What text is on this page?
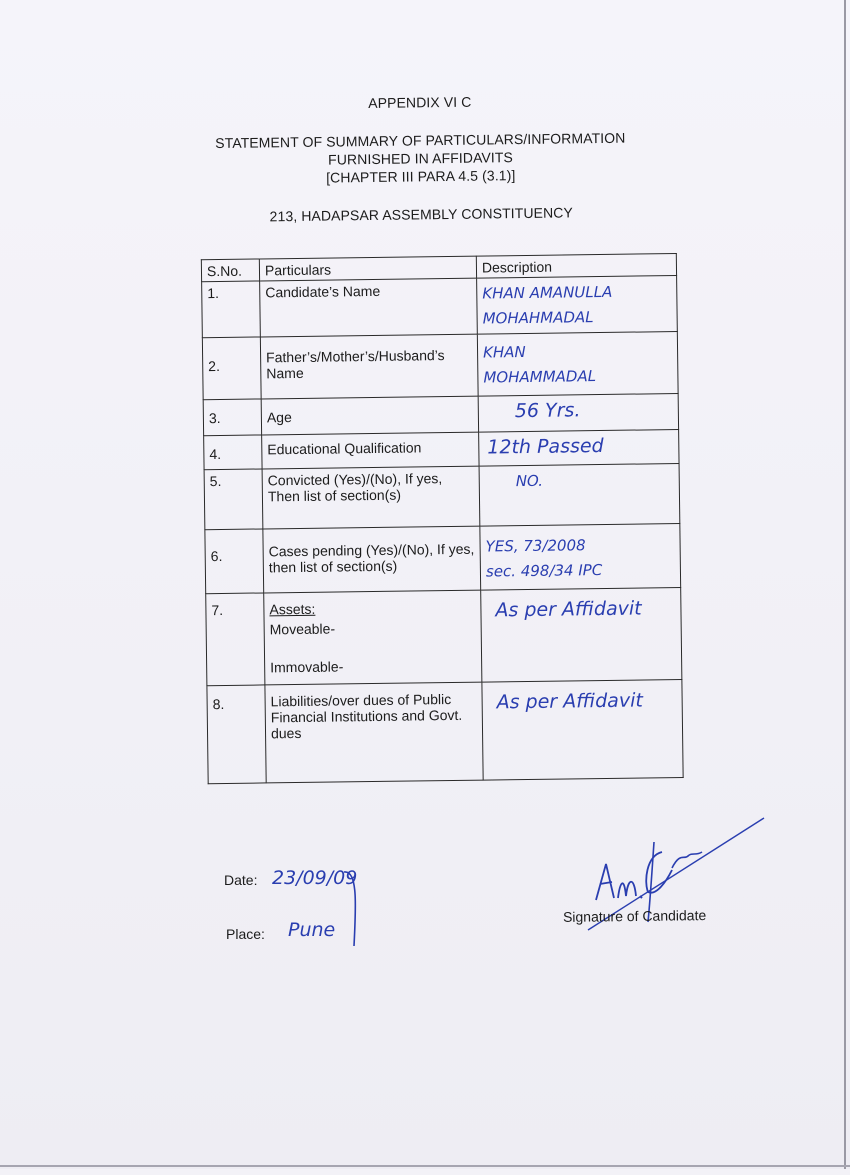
APPENDIX VI C
STATEMENT OF SUMMARY OF PARTICULARS/INFORMATION
FURNISHED IN AFFIDAVITS
[CHAPTER III PARA 4.5 (3.1)]
213, HADAPSAR ASSEMBLY CONSTITUENCY
S.No.	Particulars	Description
1.	Candidate’s Name	KHAN AMANULLA
MOHAHMADAL

2.	Father’s/Mother’s/Husband’s Name	KHAN
MOHAMMADAL

3.	Age	56 Yrs.

4.	Educational Qualification	12th Passed

5.	Convicted (Yes)/(No), If yes, Then list of section(s)	NO.

6.	Cases pending (Yes)/(No), If yes, then list of section(s)	YES, 73/2008
sec. 498/34 IPC

7.	Assets:
Moveable-
Immovable-	As per Affidavit

8.	Liabilities/over dues of Public Financial Institutions and Govt. dues	As per Affidavit
Date: 23/09/09
Place: Pune
Signature of Candidate
